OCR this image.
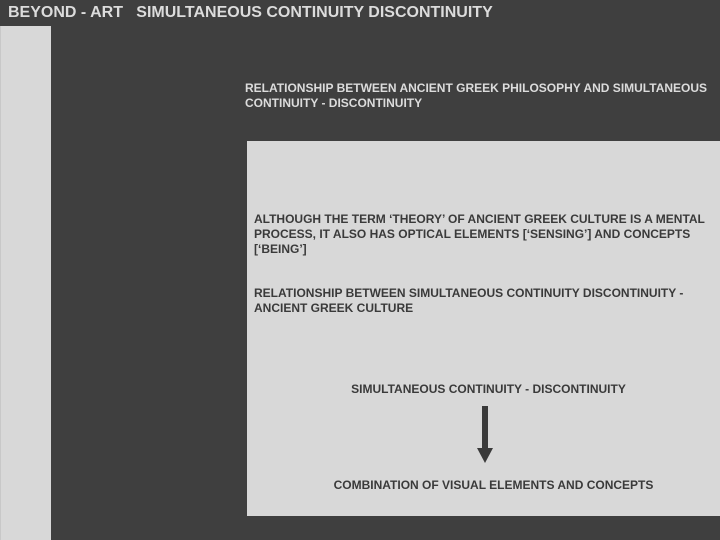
BEYOND - ART   SIMULTANEOUS CONTINUITY DISCONTINUITY
RELATIONSHIP BETWEEN ANCIENT GREEK PHILOSOPHY AND SIMULTANEOUS CONTINUITY - DISCONTINUITY

ALTHOUGH THE TERM ‘THEORY’ OF ANCIENT GREEK CULTURE IS A MENTAL PROCESS, IT ALSO HAS OPTICAL ELEMENTS [‘SENSING’] AND CONCEPTS [‘BEING’]

RELATIONSHIP BETWEEN SIMULTANEOUS CONTINUITY DISCONTINUITY - ANCIENT GREEK CULTURE

SIMULTANEOUS CONTINUITY - DISCONTINUITY

COMBINATION OF VISUAL ELEMENTS AND CONCEPTS
